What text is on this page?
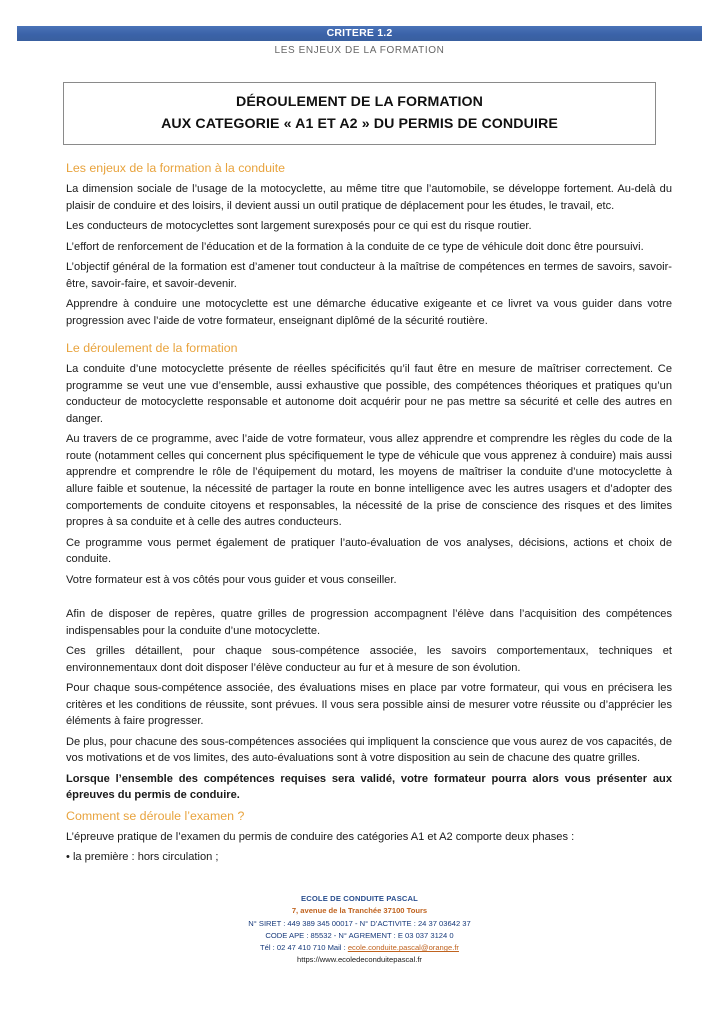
CRITERE 1.2
LES ENJEUX DE LA FORMATION
DÉROULEMENT DE LA FORMATION
AUX CATEGORIE « A1 ET A2 » DU PERMIS DE CONDUIRE
Les enjeux de la formation à la conduite

La dimension sociale de l’usage de la motocyclette, au même titre que l’automobile, se développe fortement. Au-delà du plaisir de conduire et des loisirs, il devient aussi un outil pratique de déplacement pour les études, le travail, etc.

Les conducteurs de motocyclettes sont largement surexposés pour ce qui est du risque routier.

L’effort de renforcement de l’éducation et de la formation à la conduite de ce type de véhicule doit donc être poursuivi.

L’objectif général de la formation est d’amener tout conducteur à la maîtrise de compétences en termes de savoirs, savoir-être, savoir-faire, et savoir-devenir.

Apprendre à conduire une motocyclette est une démarche éducative exigeante et ce livret va vous guider dans votre progression avec l’aide de votre formateur, enseignant diplômé de la sécurité routière.

Le déroulement de la formation

La conduite d’une motocyclette présente de réelles spécificités qu’il faut être en mesure de maîtriser correctement. Ce programme se veut une vue d’ensemble, aussi exhaustive que possible, des compétences théoriques et pratiques qu’un conducteur de motocyclette responsable et autonome doit acquérir pour ne pas mettre sa sécurité et celle des autres en danger.

Au travers de ce programme, avec l’aide de votre formateur, vous allez apprendre et comprendre les règles du code de la route (notamment celles qui concernent plus spécifiquement le type de véhicule que vous apprenez à conduire) mais aussi apprendre et comprendre le rôle de l’équipement du motard, les moyens de maîtriser la conduite d’une motocyclette à allure faible et soutenue, la nécessité de partager la route en bonne intelligence avec les autres usagers et d’adopter des comportements de conduite citoyens et responsables, la nécessité de la prise de conscience des risques et des limites propres à sa conduite et à celle des autres conducteurs.

Ce programme vous permet également de pratiquer l’auto-évaluation de vos analyses, décisions, actions et choix de conduite.

Votre formateur est à vos côtés pour vous guider et vous conseiller.

Afin de disposer de repères, quatre grilles de progression accompagnent l’élève dans l’acquisition des compétences indispensables pour la conduite d’une motocyclette.

Ces grilles détaillent, pour chaque sous-compétence associée, les savoirs comportementaux, techniques et environnementaux dont doit disposer l’élève conducteur au fur et à mesure de son évolution.

Pour chaque sous-compétence associée, des évaluations mises en place par votre formateur, qui vous en précisera les critères et les conditions de réussite, sont prévues. Il vous sera possible ainsi de mesurer votre réussite ou d’apprécier les éléments à faire progresser.

De plus, pour chacune des sous-compétences associées qui impliquent la conscience que vous aurez de vos capacités, de vos motivations et de vos limites, des auto-évaluations sont à votre disposition au sein de chacune des quatre grilles.

Lorsque l’ensemble des compétences requises sera validé, votre formateur pourra alors vous présenter aux épreuves du permis de conduire.

Comment se déroule l’examen ?

L’épreuve pratique de l’examen du permis de conduire des catégories A1 et A2 comporte deux phases :

• la première : hors circulation ;

ECOLE DE CONDUITE PASCAL
7, avenue de la Tranchée 37100 Tours
N° SIRET : 449 389 345 00017 - N° D’ACTIVITE : 24 37 03642 37
CODE APE : 85532 - N° AGREMENT : E 03 037 3124 0
Tél : 02 47 410 710 Mail : ecole.conduite.pascal@orange.fr
https://www.ecoledeconduitepascal.fr
